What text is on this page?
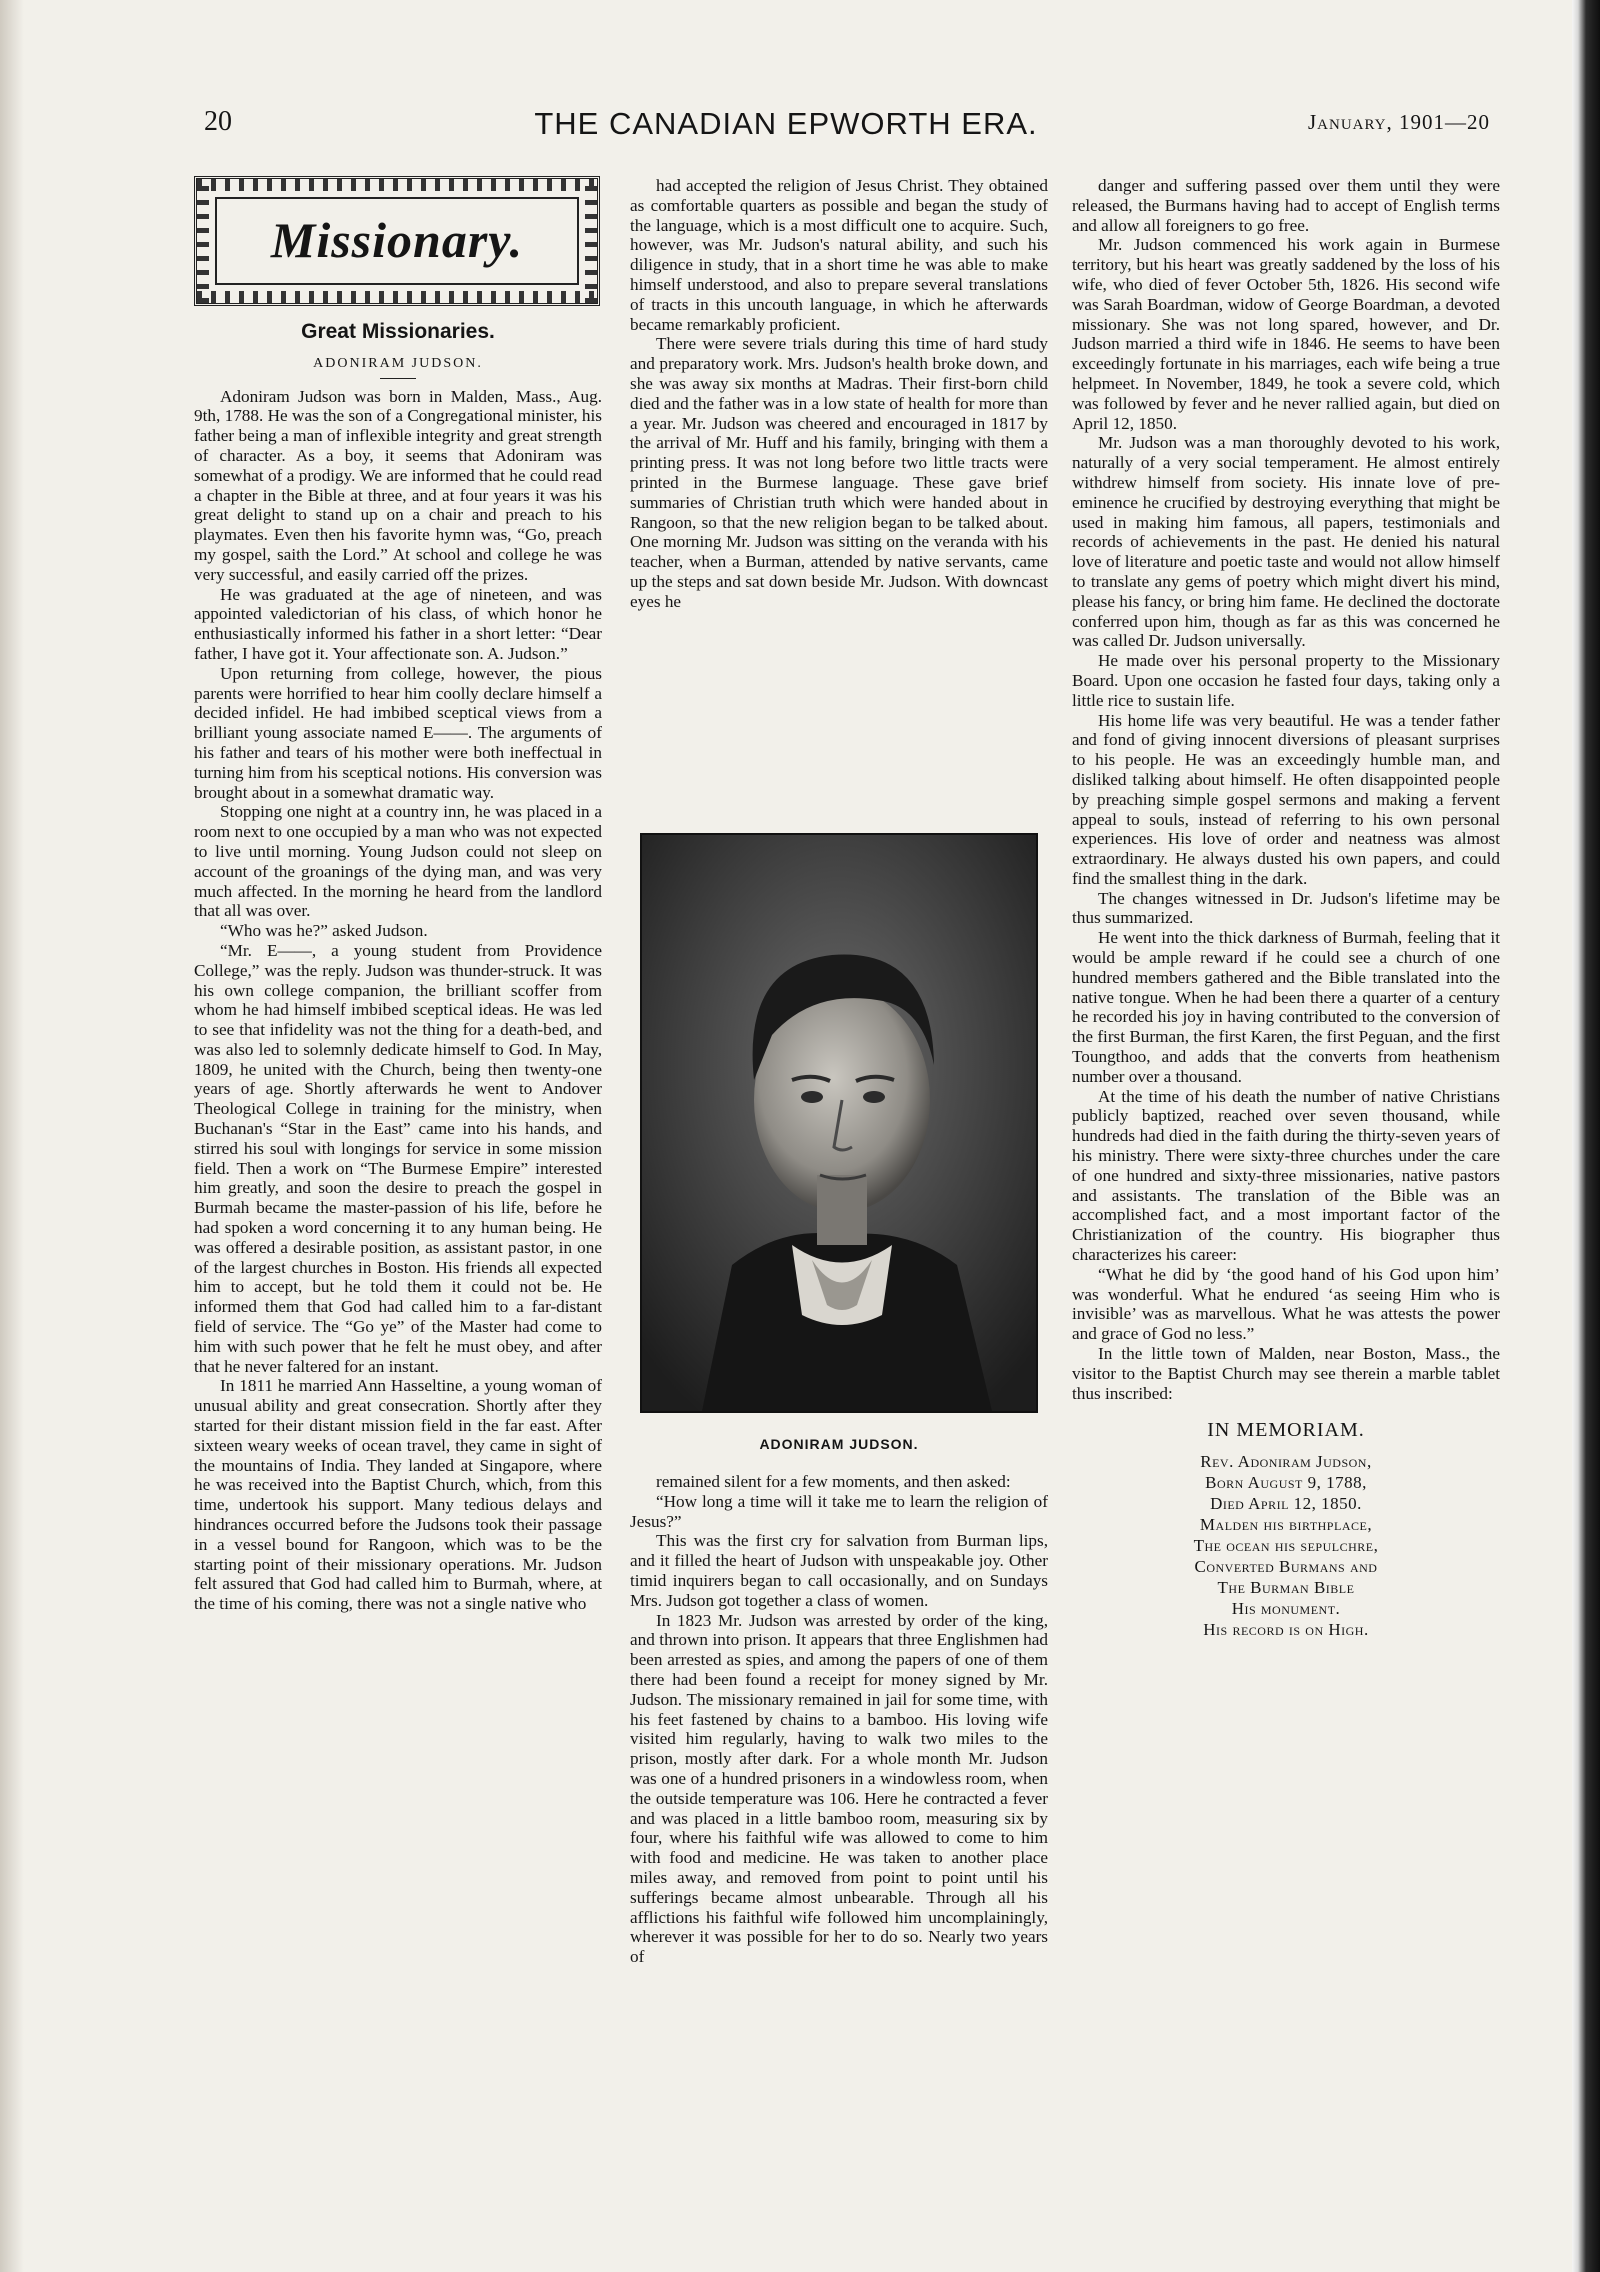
20	THE CANADIAN EPWORTH ERA.	January, 1901—20
Missionary.
Great Missionaries.
ADONIRAM JUDSON.

Adoniram Judson was born in Malden, Mass., Aug. 9th, 1788. He was the son of a Congregational minister, his father being a man of inflexible integrity and great strength of character. As a boy, it seems that Adoniram was somewhat of a prodigy. We are informed that he could read a chapter in the Bible at three, and at four years it was his great delight to stand up on a chair and preach to his playmates. Even then his favorite hymn was, “Go, preach my gospel, saith the Lord.” At school and college he was very successful, and easily carried off the prizes.

He was graduated at the age of nineteen, and was appointed valedictorian of his class, of which honor he enthusiastically informed his father in a short letter: “Dear father, I have got it. Your affectionate son. A. Judson.”

Upon returning from college, however, the pious parents were horrified to hear him coolly declare himself a decided infidel. He had imbibed sceptical views from a brilliant young associate named E——. The arguments of his father and tears of his mother were both ineffectual in turning him from his sceptical notions. His conversion was brought about in a somewhat dramatic way.

Stopping one night at a country inn, he was placed in a room next to one occupied by a man who was not expected to live until morning. Young Judson could not sleep on account of the groanings of the dying man, and was very much affected. In the morning he heard from the landlord that all was over.

“Who was he?” asked Judson.

“Mr. E——, a young student from Providence College,” was the reply. Judson was thunder-struck. It was his own college companion, the brilliant scoffer from whom he had himself imbibed sceptical ideas. He was led to see that infidelity was not the thing for a death-bed, and was also led to solemnly dedicate himself to God. In May, 1809, he united with the Church, being then twenty-one years of age. Shortly afterwards he went to Andover Theological College in training for the ministry, when Buchanan's “Star in the East” came into his hands, and stirred his soul with longings for service in some mission field. Then a work on “The Burmese Empire” interested him greatly, and soon the desire to preach the gospel in Burmah became the master-passion of his life, before he had spoken a word concerning it to any human being. He was offered a desirable position, as assistant pastor, in one of the largest churches in Boston. His friends all expected him to accept, but he told them it could not be. He informed them that God had called him to a far-distant field of service. The “Go ye” of the Master had come to him with such power that he felt he must obey, and after that he never faltered for an instant.

In 1811 he married Ann Hasseltine, a young woman of unusual ability and great consecration. Shortly after they started for their distant mission field in the far east. After sixteen weary weeks of ocean travel, they came in sight of the mountains of India. They landed at Singapore, where he was received into the Baptist Church, which, from this time, undertook his support. Many tedious delays and hindrances occurred before the Judsons took their passage in a vessel bound for Rangoon, which was to be the starting point of their missionary operations. Mr. Judson felt assured that God had called him to Burmah, where, at the time of his coming, there was not a single native who

had accepted the religion of Jesus Christ. They obtained as comfortable quarters as possible and began the study of the language, which is a most difficult one to acquire. Such, however, was Mr. Judson's natural ability, and such his diligence in study, that in a short time he was able to make himself understood, and also to prepare several translations of tracts in this uncouth language, in which he afterwards became remarkably proficient.

There were severe trials during this time of hard study and preparatory work. Mrs. Judson's health broke down, and she was away six months at Madras. Their first-born child died and the father was in a low state of health for more than a year. Mr. Judson was cheered and encouraged in 1817 by the arrival of Mr. Huff and his family, bringing with them a printing press. It was not long before two little tracts were printed in the Burmese language. These gave brief summaries of Christian truth which were handed about in Rangoon, so that the new religion began to be talked about. One morning Mr. Judson was sitting on the veranda with his teacher, when a Burman, attended by native servants, came up the steps and sat down beside Mr. Judson. With downcast eyes he

ADONIRAM JUDSON.

remained silent for a few moments, and then asked:

“How long a time will it take me to learn the religion of Jesus?”

This was the first cry for salvation from Burman lips, and it filled the heart of Judson with unspeakable joy. Other timid inquirers began to call occasionally, and on Sundays Mrs. Judson got together a class of women.

In 1823 Mr. Judson was arrested by order of the king, and thrown into prison. It appears that three Englishmen had been arrested as spies, and among the papers of one of them there had been found a receipt for money signed by Mr. Judson. The missionary remained in jail for some time, with his feet fastened by chains to a bamboo. His loving wife visited him regularly, having to walk two miles to the prison, mostly after dark. For a whole month Mr. Judson was one of a hundred prisoners in a windowless room, when the outside temperature was 106. Here he contracted a fever and was placed in a little bamboo room, measuring six by four, where his faithful wife was allowed to come to him with food and medicine. He was taken to another place miles away, and removed from point to point until his sufferings became almost unbearable. Through all his afflictions his faithful wife followed him uncomplainingly, wherever it was possible for her to do so. Nearly two years of

danger and suffering passed over them until they were released, the Burmans having had to accept of English terms and allow all foreigners to go free.

Mr. Judson commenced his work again in Burmese territory, but his heart was greatly saddened by the loss of his wife, who died of fever October 5th, 1826. His second wife was Sarah Boardman, widow of George Boardman, a devoted missionary. She was not long spared, however, and Dr. Judson married a third wife in 1846. He seems to have been exceedingly fortunate in his marriages, each wife being a true helpmeet. In November, 1849, he took a severe cold, which was followed by fever and he never rallied again, but died on April 12, 1850.

Mr. Judson was a man thoroughly devoted to his work, naturally of a very social temperament. He almost entirely withdrew himself from society. His innate love of pre-eminence he crucified by destroying everything that might be used in making him famous, all papers, testimonials and records of achievements in the past. He denied his natural love of literature and poetic taste and would not allow himself to translate any gems of poetry which might divert his mind, please his fancy, or bring him fame. He declined the doctorate conferred upon him, though as far as this was concerned he was called Dr. Judson universally.

He made over his personal property to the Missionary Board. Upon one occasion he fasted four days, taking only a little rice to sustain life.

His home life was very beautiful. He was a tender father and fond of giving innocent diversions of pleasant surprises to his people. He was an exceedingly humble man, and disliked talking about himself. He often disappointed people by preaching simple gospel sermons and making a fervent appeal to souls, instead of referring to his own personal experiences. His love of order and neatness was almost extraordinary. He always dusted his own papers, and could find the smallest thing in the dark.

The changes witnessed in Dr. Judson's lifetime may be thus summarized.

He went into the thick darkness of Burmah, feeling that it would be ample reward if he could see a church of one hundred members gathered and the Bible translated into the native tongue. When he had been there a quarter of a century he recorded his joy in having contributed to the conversion of the first Burman, the first Karen, the first Peguan, and the first Toungthoo, and adds that the converts from heathenism number over a thousand.

At the time of his death the number of native Christians publicly baptized, reached over seven thousand, while hundreds had died in the faith during the thirty-seven years of his ministry. There were sixty-three churches under the care of one hundred and sixty-three missionaries, native pastors and assistants. The translation of the Bible was an accomplished fact, and a most important factor of the Christianization of the country. His biographer thus characterizes his career:

“What he did by ‘the good hand of his God upon him’ was wonderful. What he endured ‘as seeing Him who is invisible’ was as marvellous. What he was attests the power and grace of God no less.”

In the little town of Malden, near Boston, Mass., the visitor to the Baptist Church may see therein a marble tablet thus inscribed:

IN MEMORIAM.
Rev. Adoniram Judson,
Born August 9, 1788,
Died April 12, 1850.
Malden his birthplace,
The ocean his sepulchre,
Converted Burmans and
The Burman Bible
His monument.
His record is on High.
